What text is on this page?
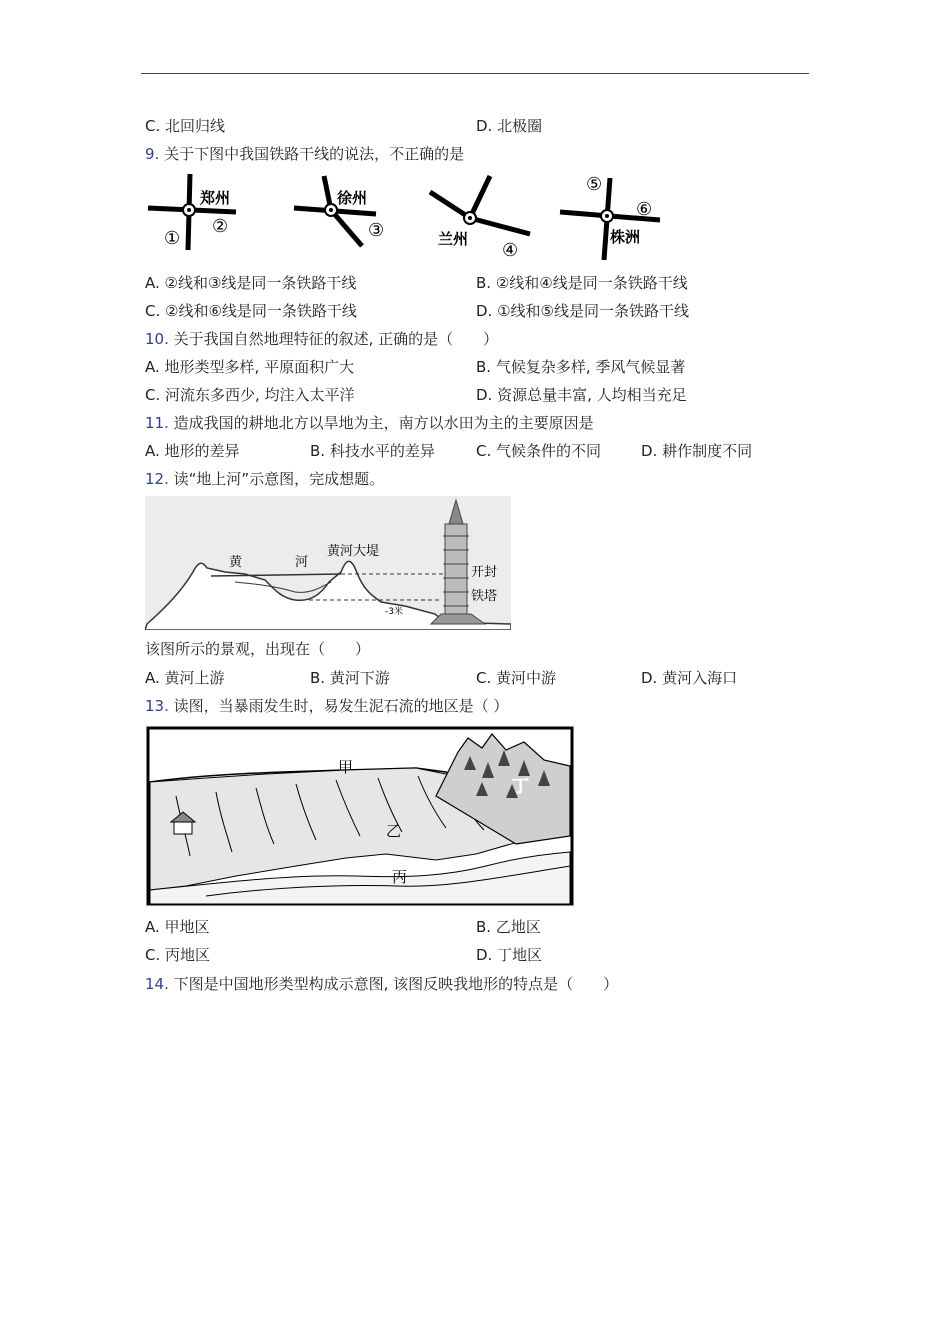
C. 北回归线	D. 北极圈
9. 关于下图中我国铁路干线的说法，不正确的是
郑州
①
②
徐州
③	兰州
④
⑤
⑥
株洲
A. ②线和③线是同一条铁路干线	B. ②线和④线是同一条铁路干线
C. ②线和⑥线是同一条铁路干线	D. ①线和⑤线是同一条铁路干线
10. 关于我国自然地理特征的叙述, 正确的是（　　）
A. 地形类型多样, 平原面积广大	B. 气候复杂多样, 季风气候显著
C. 河流东多西少, 均注入太平洋	D. 资源总量丰富, 人均相当充足
11. 造成我国的耕地北方以旱地为主，南方以水田为主的主要原因是
A. 地形的差异	B. 科技水平的差异	C. 气候条件的不同	D. 耕作制度不同
12. 读“地上河”示意图，完成想题。
黄	河
黄河大堤
开封
铁塔
-3米
该图所示的景观，出现在（　　）
A. 黄河上游	B. 黄河下游	C. 黄河中游	D. 黄河入海口
13. 读图，当暴雨发生时，易发生泥石流的地区是（ ）
甲
乙
丙
丁
A. 甲地区	B. 乙地区
C. 丙地区	D. 丁地区
14. 下图是中国地形类型构成示意图, 该图反映我地形的特点是（　　）
